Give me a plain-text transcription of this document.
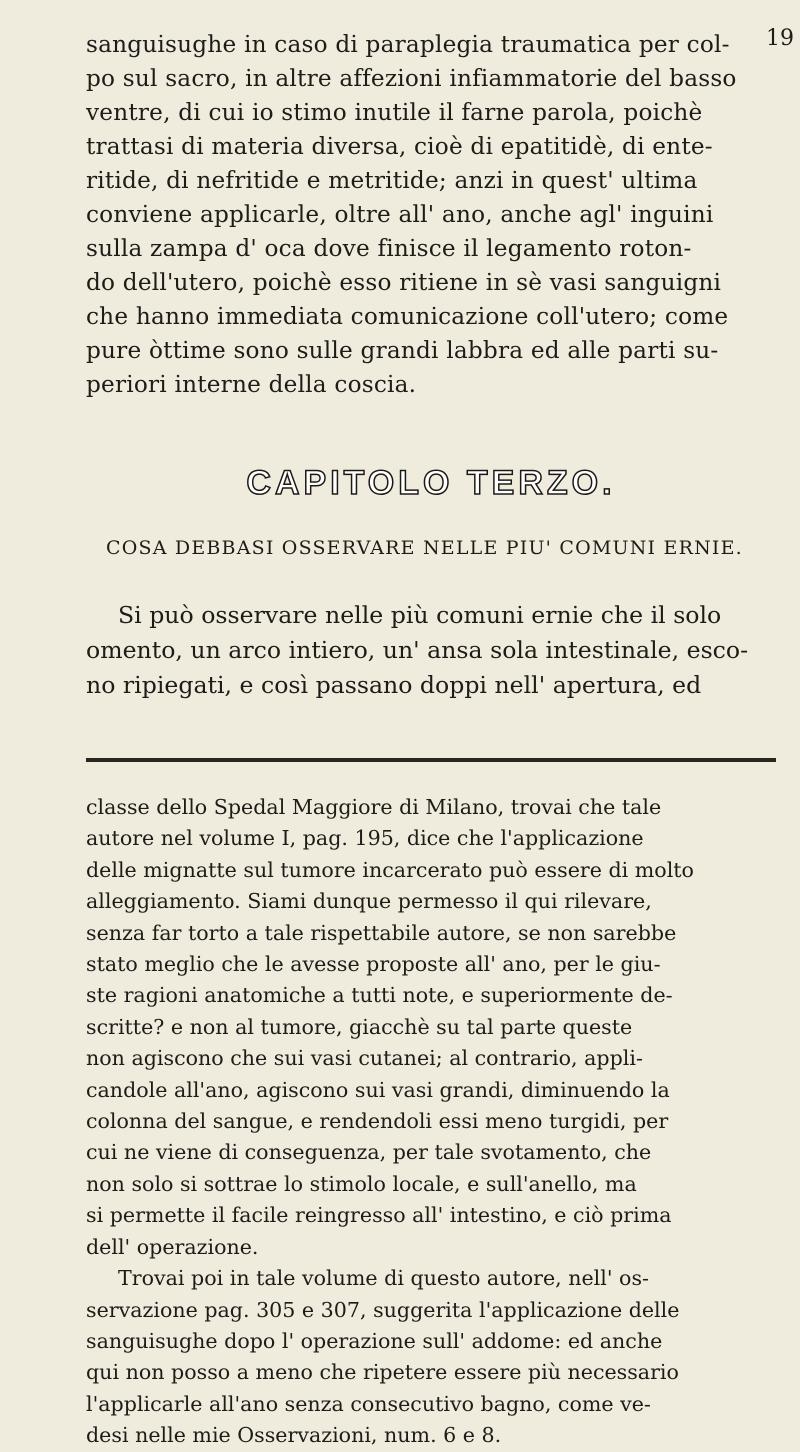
19
sanguisughe in caso di paraplegia traumatica per col-
po sul sacro, in altre affezioni infiammatorie del basso
ventre, di cui io stimo inutile il farne parola, poichè
trattasi di materia diversa, cioè di epatitidè, di ente-
ritide, di nefritide e metritide; anzi in quest' ultima
conviene applicarle, oltre all' ano, anche agl' inguini
sulla zampa d' oca dove finisce il legamento roton-
do dell'utero, poichè esso ritiene in sè vasi sanguigni
che hanno immediata comunicazione coll'utero; come
pure òttime sono sulle grandi labbra ed alle parti su-
periori interne della coscia.
CAPITOLO TERZO.
COSA DEBBASI OSSERVARE NELLE PIU' COMUNI ERNIE.
Si può osservare nelle più comuni ernie che il solo
omento, un arco intiero, un' ansa sola intestinale, esco-
no ripiegati, e così passano doppi nell' apertura, ed
classe dello Spedal Maggiore di Milano, trovai che tale
autore nel volume I, pag. 195, dice che l'applicazione
delle mignatte sul tumore incarcerato può essere di molto
alleggiamento. Siami dunque permesso il qui rilevare,
senza far torto a tale rispettabile autore, se non sarebbe
stato meglio che le avesse proposte all' ano, per le giu-
ste ragioni anatomiche a tutti note, e superiormente de-
scritte? e non al tumore, giacchè su tal parte queste
non agiscono che sui vasi cutanei; al contrario, appli-
candole all'ano, agiscono sui vasi grandi, diminuendo la
colonna del sangue, e rendendoli essi meno turgidi, per
cui ne viene di conseguenza, per tale svotamento, che
non solo si sottrae lo stimolo locale, e sull'anello, ma
si permette il facile reingresso all' intestino, e ciò prima
dell' operazione.
Trovai poi in tale volume di questo autore, nell' os-
servazione pag. 305 e 307, suggerita l'applicazione delle
sanguisughe dopo l' operazione sull' addome: ed anche
qui non posso a meno che ripetere essere più necessario
l'applicarle all'ano senza consecutivo bagno, come ve-
desi nelle mie Osservazioni, num. 6 e 8.
